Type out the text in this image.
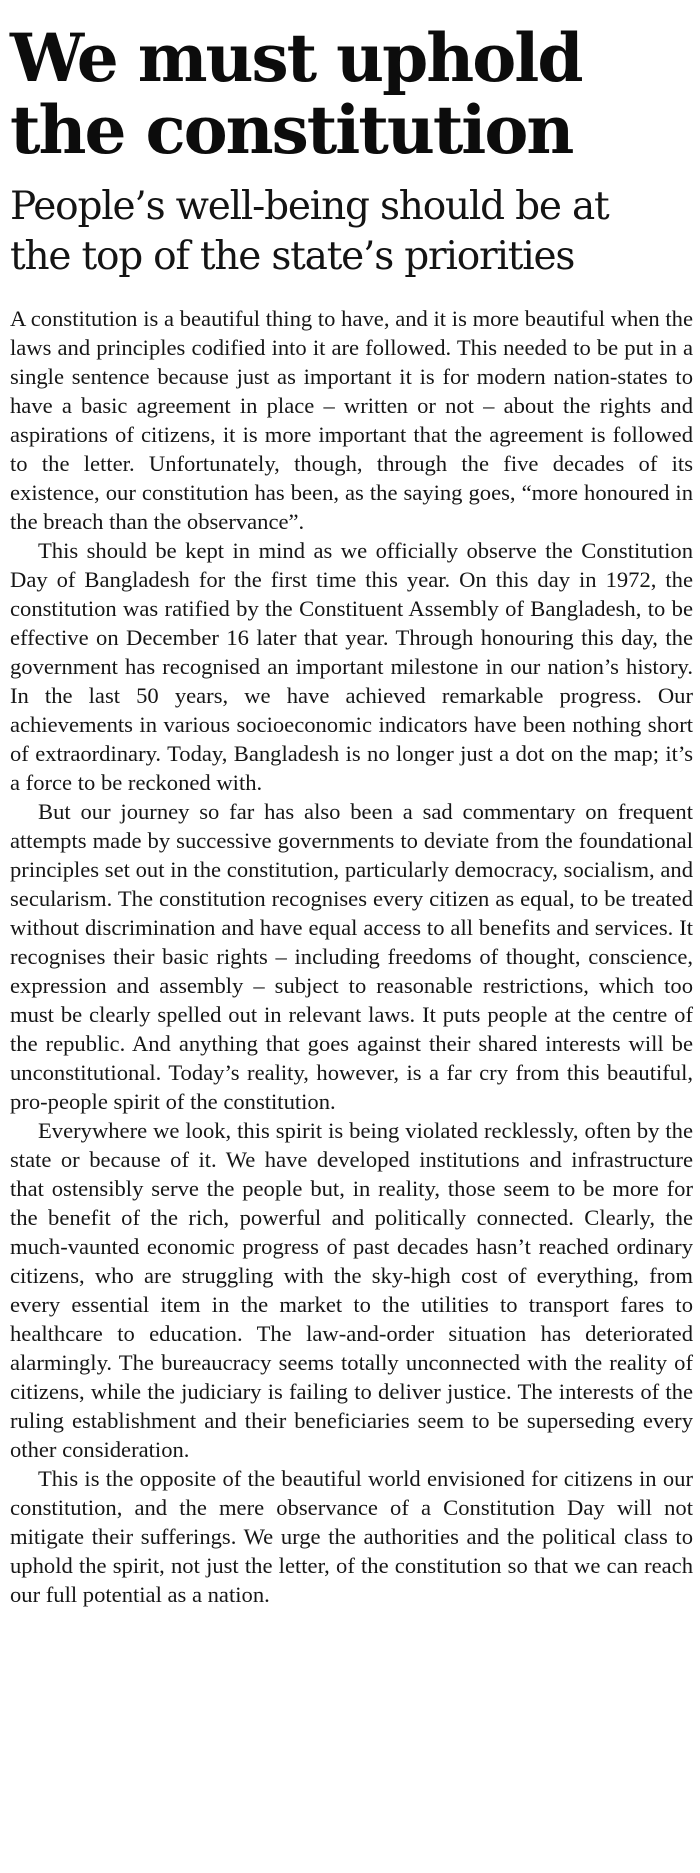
We must uphold
the constitution
People’s well-being should be at
the top of the state’s priorities

A constitution is a beautiful thing to have, and it is more beautiful when the laws and principles codified into it are followed. This needed to be put in a single sentence because just as important it is for modern nation-states to have a basic agreement in place – written or not – about the rights and aspirations of citizens, it is more important that the agreement is followed to the letter. Unfortunately, though, through the five decades of its existence, our constitution has been, as the saying goes, “more honoured in the breach than the observance”.

This should be kept in mind as we officially observe the Constitution Day of Bangladesh for the first time this year. On this day in 1972, the constitution was ratified by the Constituent Assembly of Bangladesh, to be effective on December 16 later that year. Through honouring this day, the government has recognised an important milestone in our nation’s history. In the last 50 years, we have achieved remarkable progress. Our achievements in various socioeconomic indicators have been nothing short of extraordinary. Today, Bangladesh is no longer just a dot on the map; it’s a force to be reckoned with.

But our journey so far has also been a sad commentary on frequent attempts made by successive governments to deviate from the foundational principles set out in the constitution, particularly democracy, socialism, and secularism. The constitution recognises every citizen as equal, to be treated without discrimination and have equal access to all benefits and services. It recognises their basic rights – including freedoms of thought, conscience, expression and assembly – subject to reasonable restrictions, which too must be clearly spelled out in relevant laws. It puts people at the centre of the republic. And anything that goes against their shared interests will be unconstitutional. Today’s reality, however, is a far cry from this beautiful, pro-people spirit of the constitution.

Everywhere we look, this spirit is being violated recklessly, often by the state or because of it. We have developed institutions and infrastructure that ostensibly serve the people but, in reality, those seem to be more for the benefit of the rich, powerful and politically connected. Clearly, the much-vaunted economic progress of past decades hasn’t reached ordinary citizens, who are struggling with the sky-high cost of everything, from every essential item in the market to the utilities to transport fares to healthcare to education. The law-and-order situation has deteriorated alarmingly. The bureaucracy seems totally unconnected with the reality of citizens, while the judiciary is failing to deliver justice. The interests of the ruling establishment and their beneficiaries seem to be superseding every other consideration.

This is the opposite of the beautiful world envisioned for citizens in our constitution, and the mere observance of a Constitution Day will not mitigate their sufferings. We urge the authorities and the political class to uphold the spirit, not just the letter, of the constitution so that we can reach our full potential as a nation.
